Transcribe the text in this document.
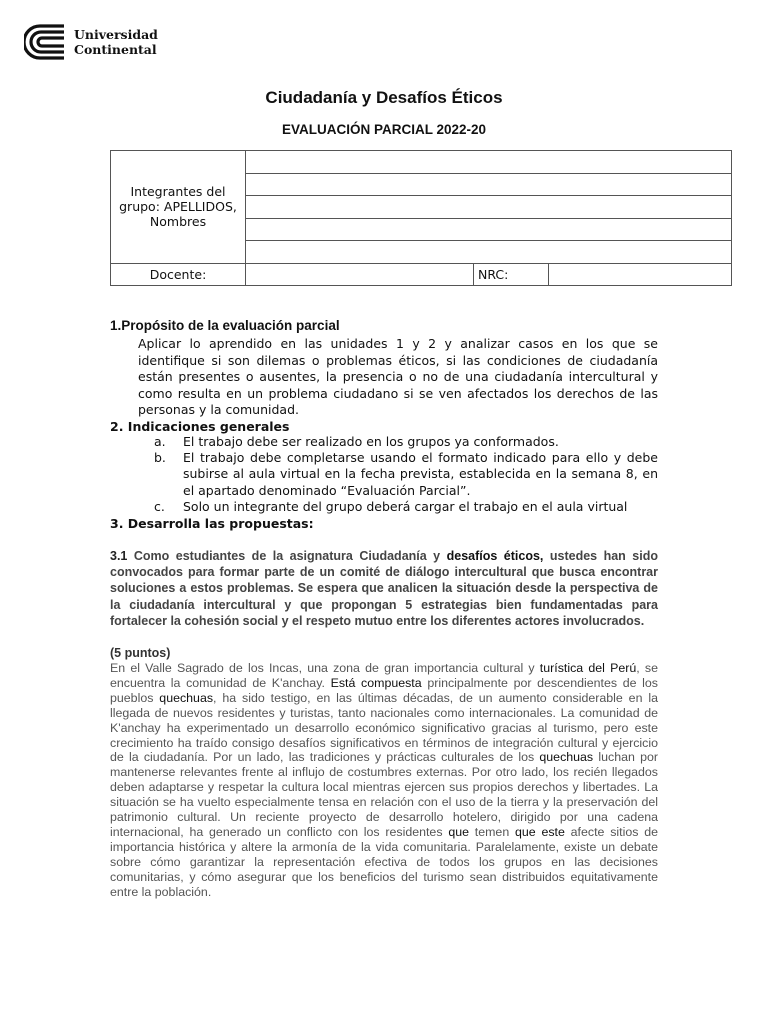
Universidad
Continental
Ciudadanía y Desafíos Éticos
EVALUACIÓN PARCIAL 2022-20
Integrantes del grupo: APELLIDOS, Nombres			

Docente:		NRC:	
1.Propósito de la evaluación parcial
Aplicar lo aprendido en las unidades 1 y 2 y analizar casos en los que se identifique si son dilemas o problemas éticos, si las condiciones de ciudadanía están presentes o ausentes, la presencia o no de una ciudadanía intercultural y como resulta en un problema ciudadano si se ven afectados los derechos de las personas y la comunidad.
2. Indicaciones generales
a.	El trabajo debe ser realizado en los grupos ya conformados.
b.	El trabajo debe completarse usando el formato indicado para ello y debe subirse al aula virtual en la fecha prevista, establecida en la semana 8, en el apartado denominado “Evaluación Parcial”.
c.	Solo un integrante del grupo deberá cargar el trabajo en el aula virtual
3. Desarrolla las propuestas:
3.1 Como estudiantes de la asignatura Ciudadanía y desafíos éticos, ustedes han sido convocados para formar parte de un comité de diálogo intercultural que busca encontrar soluciones a estos problemas. Se espera que analicen la situación desde la perspectiva de la ciudadanía intercultural y que propongan 5 estrategias bien fundamentadas para fortalecer la cohesión social y el respeto mutuo entre los diferentes actores involucrados.
(5 puntos)
En el Valle Sagrado de los Incas, una zona de gran importancia cultural y turística del Perú, se encuentra la comunidad de K'anchay. Está compuesta principalmente por descendientes de los pueblos quechuas, ha sido testigo, en las últimas décadas, de un aumento considerable en la llegada de nuevos residentes y turistas, tanto nacionales como internacionales. La comunidad de K'anchay ha experimentado un desarrollo económico significativo gracias al turismo, pero este crecimiento ha traído consigo desafíos significativos en términos de integración cultural y ejercicio de la ciudadanía. Por un lado, las tradiciones y prácticas culturales de los quechuas luchan por mantenerse relevantes frente al influjo de costumbres externas. Por otro lado, los recién llegados deben adaptarse y respetar la cultura local mientras ejercen sus propios derechos y libertades. La situación se ha vuelto especialmente tensa en relación con el uso de la tierra y la preservación del patrimonio cultural. Un reciente proyecto de desarrollo hotelero, dirigido por una cadena internacional, ha generado un conflicto con los residentes que temen que este afecte sitios de importancia histórica y altere la armonía de la vida comunitaria. Paralelamente, existe un debate sobre cómo garantizar la representación efectiva de todos los grupos en las decisiones comunitarias, y cómo asegurar que los beneficios del turismo sean distribuidos equitativamente entre la población.
